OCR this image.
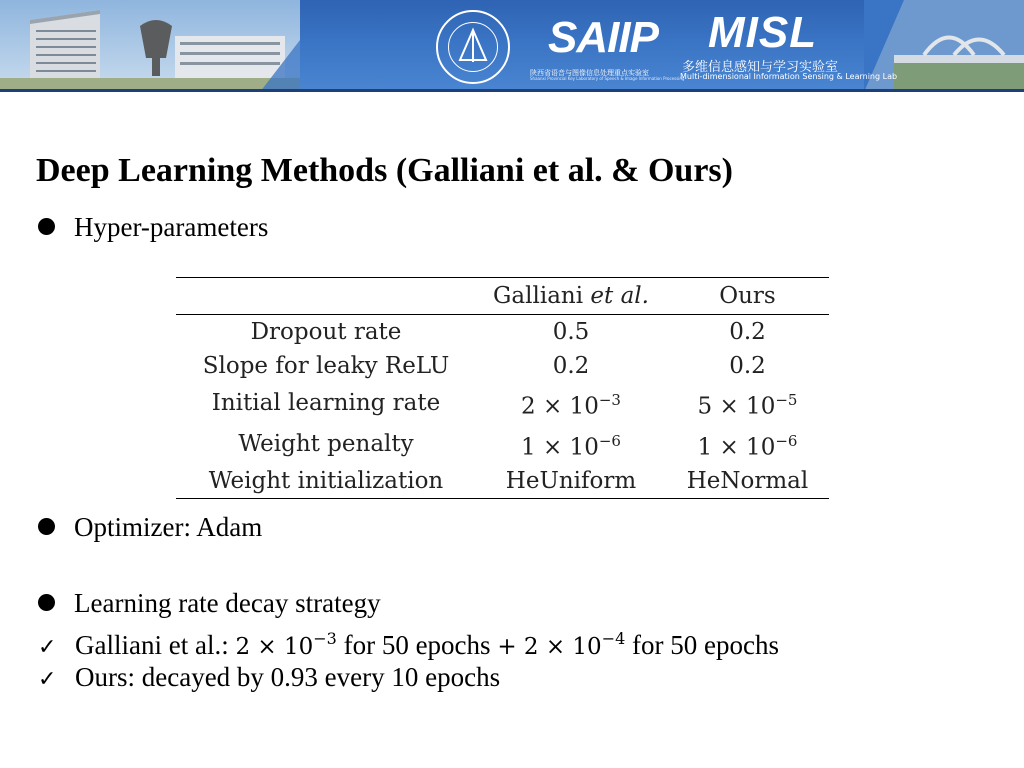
SAIIP
陕西省语音与图像信息处理重点实验室
Shaanxi Provincial Key Laboratory of Speech & Image Information Processing
MISL
多维信息感知与学习实验室
Multi-dimensional Information Sensing & Learning Lab
Deep Learning Methods (Galliani et al. & Ours)
Hyper-parameters
	Galliani et al.	Ours
Dropout rate	0.5	0.2
Slope for leaky ReLU	0.2	0.2
Initial learning rate	$2 \times 10^{-3}$	$5 \times 10^{-5}$
Weight penalty	$1 \times 10^{-6}$	$1 \times 10^{-6}$
Weight initialization	HeUniform	HeNormal
Optimizer: Adam
Learning rate decay strategy
✓ Galliani et al.: $2 \times 10^{-3}$ for 50 epochs + $2 \times 10^{-4}$ for 50 epochs
✓ Ours: decayed by 0.93 every 10 epochs
